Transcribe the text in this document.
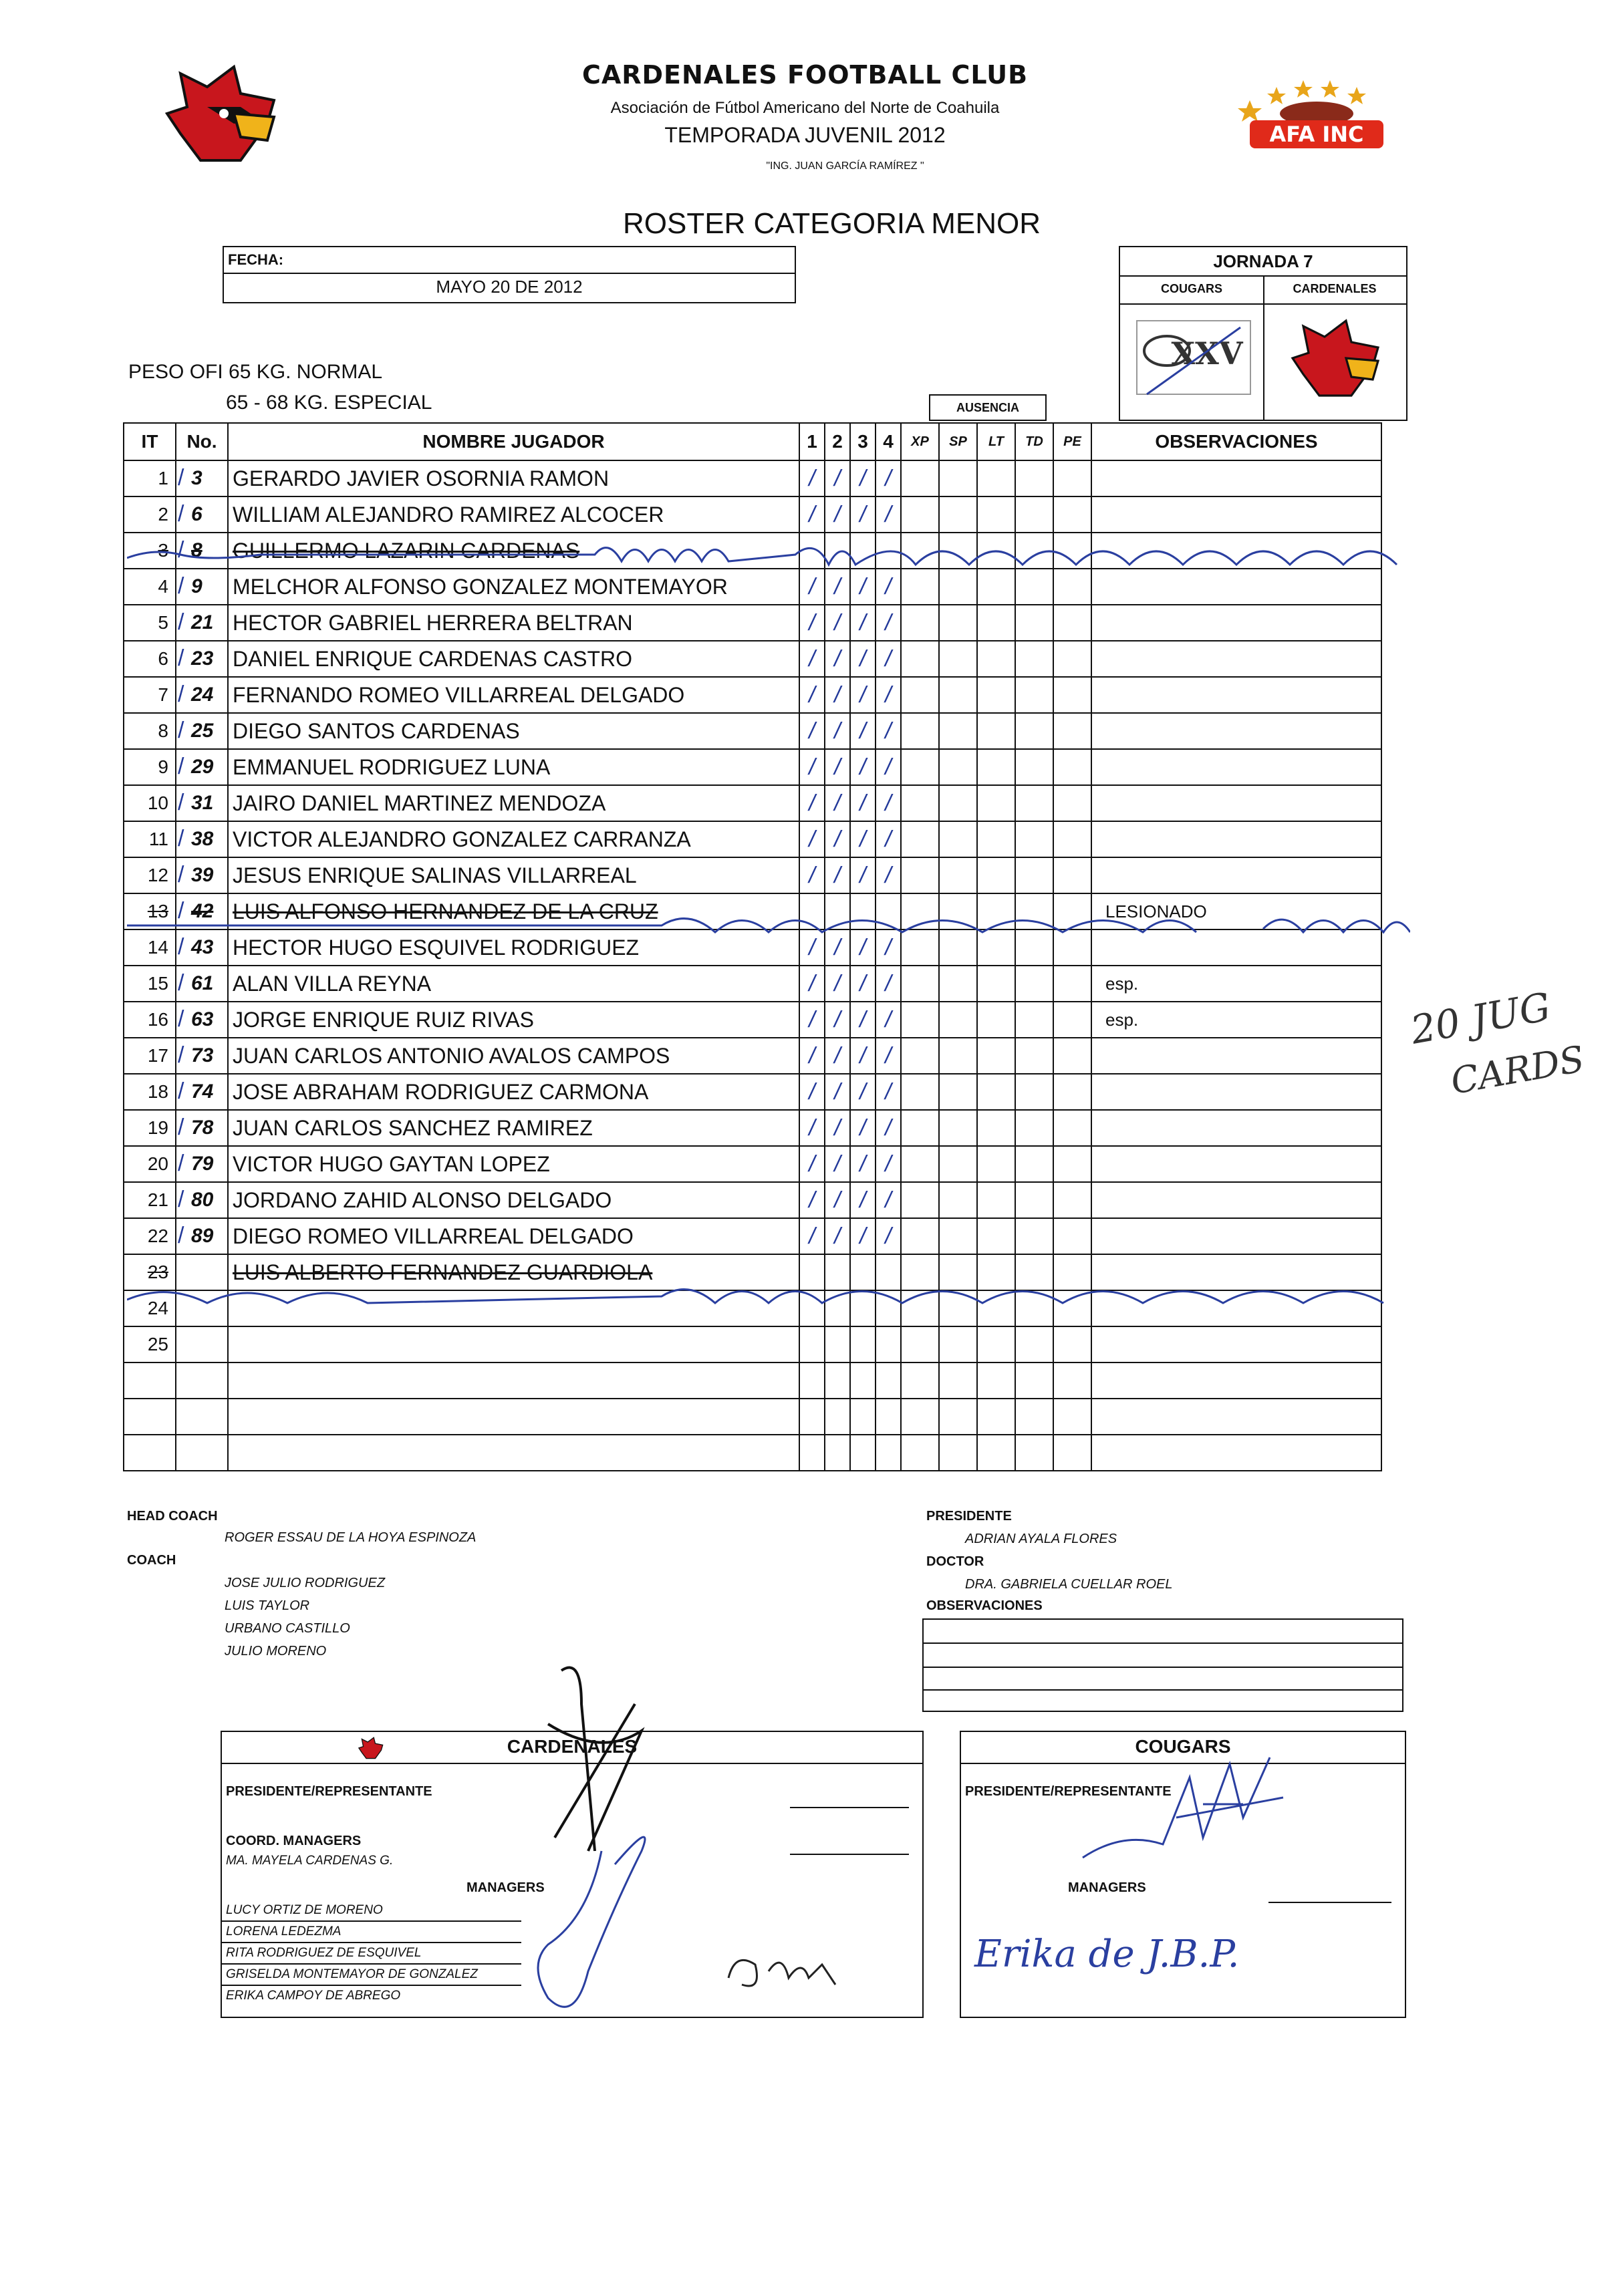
AFA INC
CARDENALES FOOTBALL CLUB
Asociación de Fútbol Americano del Norte de Coahuila
TEMPORADA JUVENIL 2012
"ING. JUAN GARCÍA RAMÍREZ "
ROSTER CATEGORIA MENOR
FECHA:
MAYO 20 DE 2012
JORNADA 7
COUGARS	CARDENALES
XXV
PESO OFI 65 KG. NORMAL
65 - 68 KG. ESPECIAL	AUSENCIA
IT	No.	NOMBRE JUGADOR	1	2	3	4	XP	SP	LT	TD	PE	OBSERVACIONES
1	/ 3	GERARDO JAVIER OSORNIA RAMON	/	/	/	/						
2	/ 6	WILLIAM ALEJANDRO RAMIREZ ALCOCER	/	/	/	/						
3	/ 8	GUILLERMO LAZARIN CARDENAS										
4	/ 9	MELCHOR ALFONSO GONZALEZ MONTEMAYOR	/	/	/	/						
5	/ 21	HECTOR GABRIEL HERRERA BELTRAN	/	/	/	/						
6	/ 23	DANIEL ENRIQUE CARDENAS CASTRO	/	/	/	/						
7	/ 24	FERNANDO ROMEO VILLARREAL DELGADO	/	/	/	/						
8	/ 25	DIEGO SANTOS CARDENAS	/	/	/	/						
9	/ 29	EMMANUEL RODRIGUEZ LUNA	/	/	/	/						
10	/ 31	JAIRO DANIEL MARTINEZ MENDOZA	/	/	/	/						
11	/ 38	VICTOR ALEJANDRO GONZALEZ CARRANZA	/	/	/	/						
12	/ 39	JESUS ENRIQUE SALINAS VILLARREAL	/	/	/	/						
13	/ 42	LUIS ALFONSO HERNANDEZ DE LA CRUZ										LESIONADO
14	/ 43	HECTOR HUGO ESQUIVEL RODRIGUEZ	/	/	/	/						
15	/ 61	ALAN VILLA REYNA	/	/	/	/						esp.
16	/ 63	JORGE ENRIQUE RUIZ RIVAS	/	/	/	/						esp.
17	/ 73	JUAN CARLOS ANTONIO AVALOS CAMPOS	/	/	/	/						
18	/ 74	JOSE ABRAHAM RODRIGUEZ CARMONA	/	/	/	/						
19	/ 78	JUAN CARLOS SANCHEZ RAMIREZ	/	/	/	/						
20	/ 79	VICTOR HUGO GAYTAN LOPEZ	/	/	/	/						
21	/ 80	JORDANO ZAHID ALONSO DELGADO	/	/	/	/						
22	/ 89	DIEGO ROMEO VILLARREAL DELGADO	/	/	/	/						
23		LUIS ALBERTO FERNANDEZ GUARDIOLA										
24												
25												

20 JUG
CARDS
HEAD COACH
ROGER ESSAU DE LA HOYA ESPINOZA
COACH
JOSE JULIO RODRIGUEZ
LUIS TAYLOR
URBANO CASTILLO
JULIO MORENO
PRESIDENTE
ADRIAN AYALA FLORES
DOCTOR
DRA. GABRIELA CUELLAR ROEL
OBSERVACIONES
CARDENALES
PRESIDENTE/REPRESENTANTE
COORD. MANAGERS
MA. MAYELA CARDENAS G.
MANAGERS
LUCY ORTIZ DE MORENO
LORENA LEDEZMA
RITA RODRIGUEZ DE ESQUIVEL
GRISELDA MONTEMAYOR DE GONZALEZ
ERIKA CAMPOY DE ABREGO
COUGARS
PRESIDENTE/REPRESENTANTE
MANAGERS
Erika de J.B.P.
